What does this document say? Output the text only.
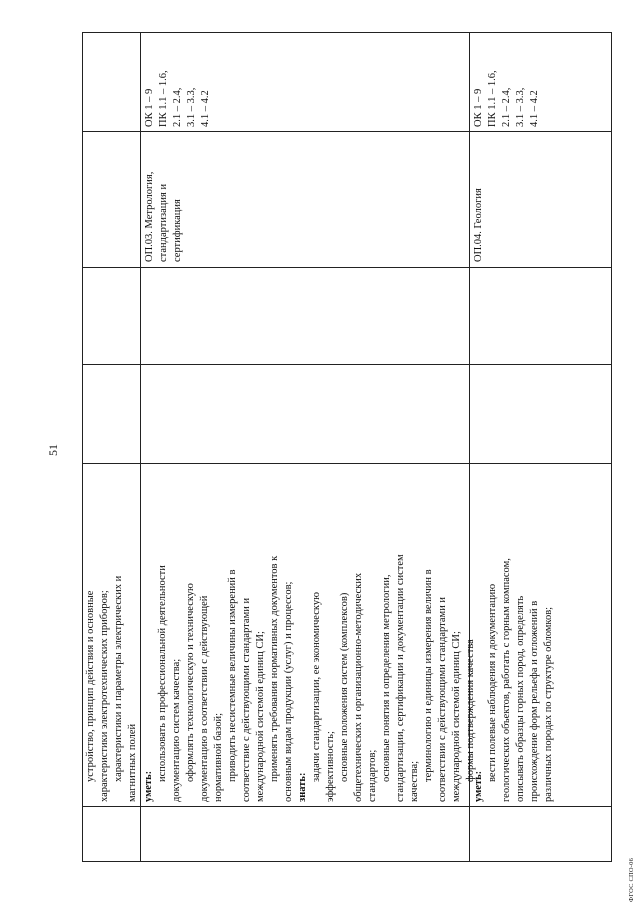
51
ФГОС СПО-06

устройство, принцип действия и основные характеристики электротехнических приборов; характеристики и параметры электрических и магнитных полей уметь:

использовать в профессиональной деятельности документацию систем качества; оформлять технологическую и техническую документацию в соответствии с действующей нормативной базой; приводить несистемные величины измерений в соответствие с действующими стандартами и международной системой единиц СИ; применять требования нормативных документов к основным видам продукции (услуг) и процессов; знать:

задачи стандартизации, ее экономическую эффективность; основные положения систем (комплексов) общетехнических и организационно-методических стандартов; основные понятия и определения метрологии, стандартизации, сертификации и документации систем качества; терминологию и единицы измерения величин в соответствии с действующими стандартами и международной системой единиц СИ; формы подтверждения качества

ОП.03. Метрология, стандартизация и сертификация

ОК 1 – 9 ПК 1.1 – 1.6, 2.1 – 2.4, 3.1 – 3.3, 4.1 – 4.2

уметь:

вести полевые наблюдения и документацию геологических объектов, работать с горным компасом, описывать образцы горных пород, определять происхождение форм рельефа и отложений в различных породах по структуре обломков;

ОП.04. Геология

ОК 1 – 9 ПК 1.1 – 1.6, 2.1 – 2.4, 3.1 – 3.3, 4.1 – 4.2
